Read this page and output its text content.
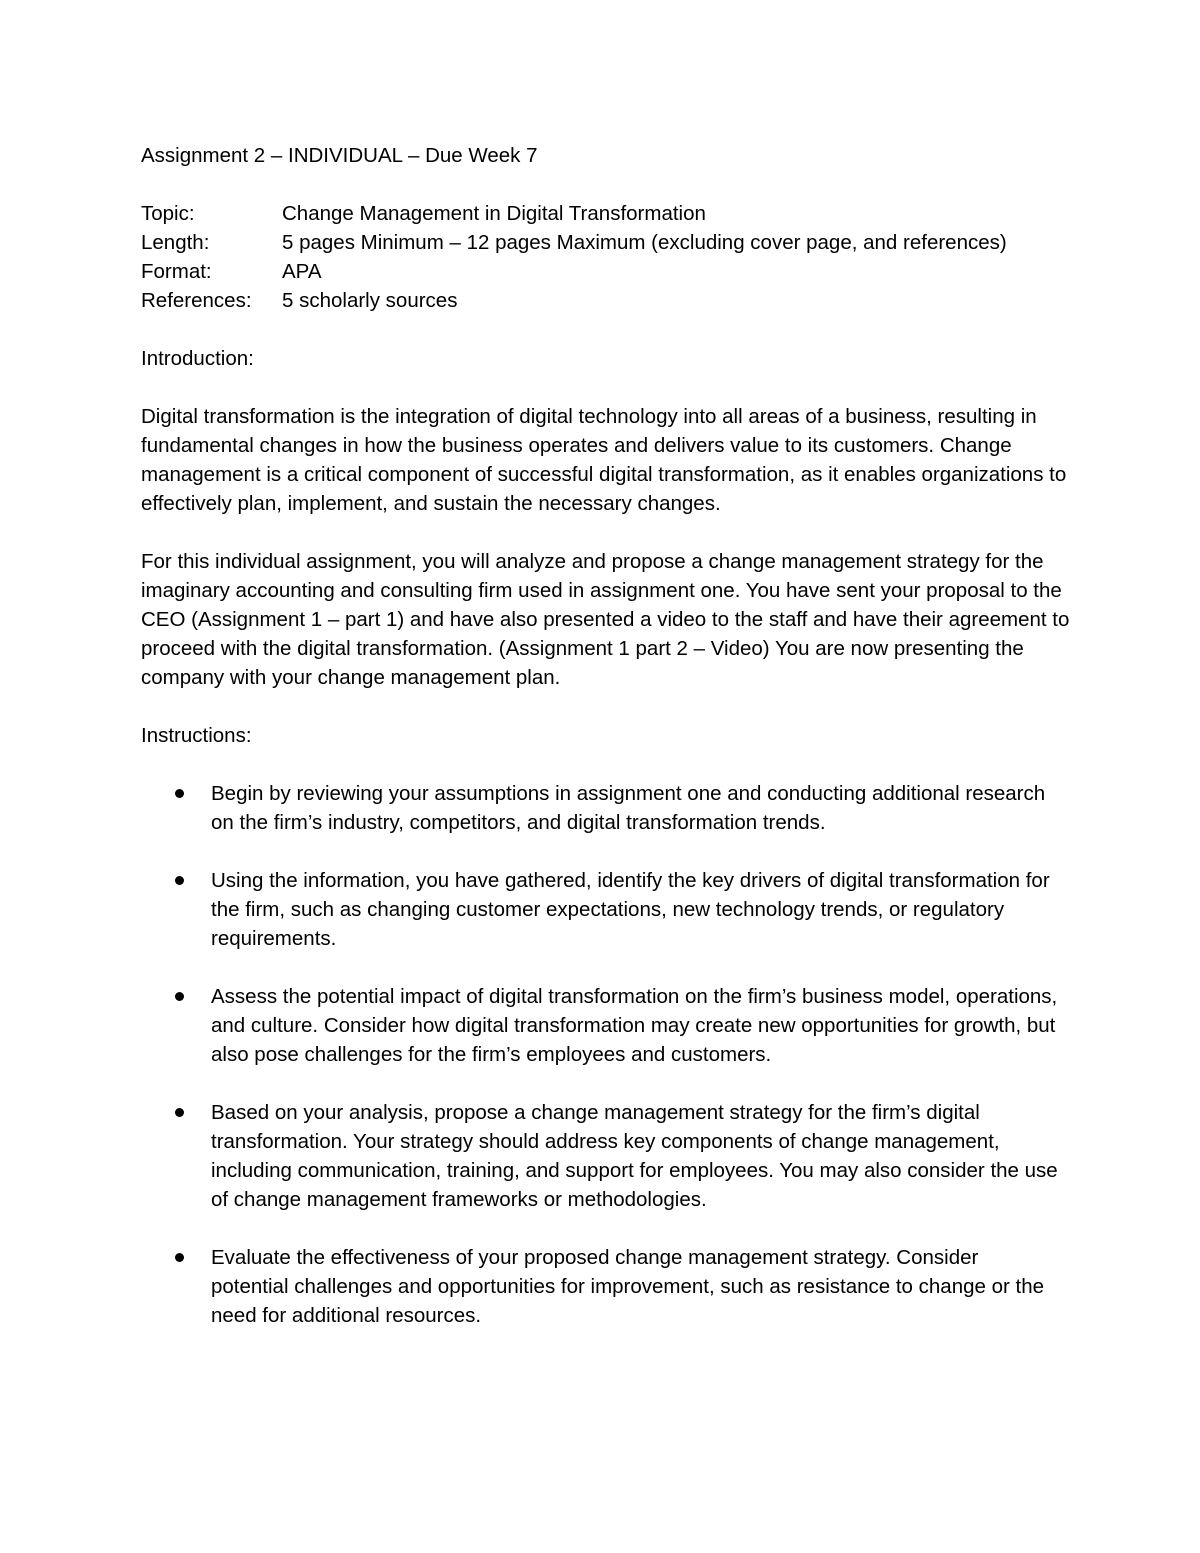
Assignment 2 – INDIVIDUAL – Due Week 7
Topic:	Change Management in Digital Transformation
Length:	5 pages Minimum – 12 pages Maximum (excluding cover page, and references)
Format:	APA
References:	5 scholarly sources
Introduction:

Digital transformation is the integration of digital technology into all areas of a business, resulting in fundamental changes in how the business operates and delivers value to its customers. Change management is a critical component of successful digital transformation, as it enables organizations to effectively plan, implement, and sustain the necessary changes.

For this individual assignment, you will analyze and propose a change management strategy for the imaginary accounting and consulting firm used in assignment one. You have sent your proposal to the CEO (Assignment 1 – part 1) and have also presented a video to the staff and have their agreement to proceed with the digital transformation. (Assignment 1 part 2 – Video) You are now presenting the company with your change management plan.

Instructions:
Begin by reviewing your assumptions in assignment one and conducting additional research on the firm’s industry, competitors, and digital transformation trends.
Using the information, you have gathered, identify the key drivers of digital transformation for the firm, such as changing customer expectations, new technology trends, or regulatory requirements.
Assess the potential impact of digital transformation on the firm’s business model, operations, and culture. Consider how digital transformation may create new opportunities for growth, but also pose challenges for the firm’s employees and customers.
Based on your analysis, propose a change management strategy for the firm’s digital transformation. Your strategy should address key components of change management, including communication, training, and support for employees. You may also consider the use of change management frameworks or methodologies.
Evaluate the effectiveness of your proposed change management strategy. Consider potential challenges and opportunities for improvement, such as resistance to change or the need for additional resources.
